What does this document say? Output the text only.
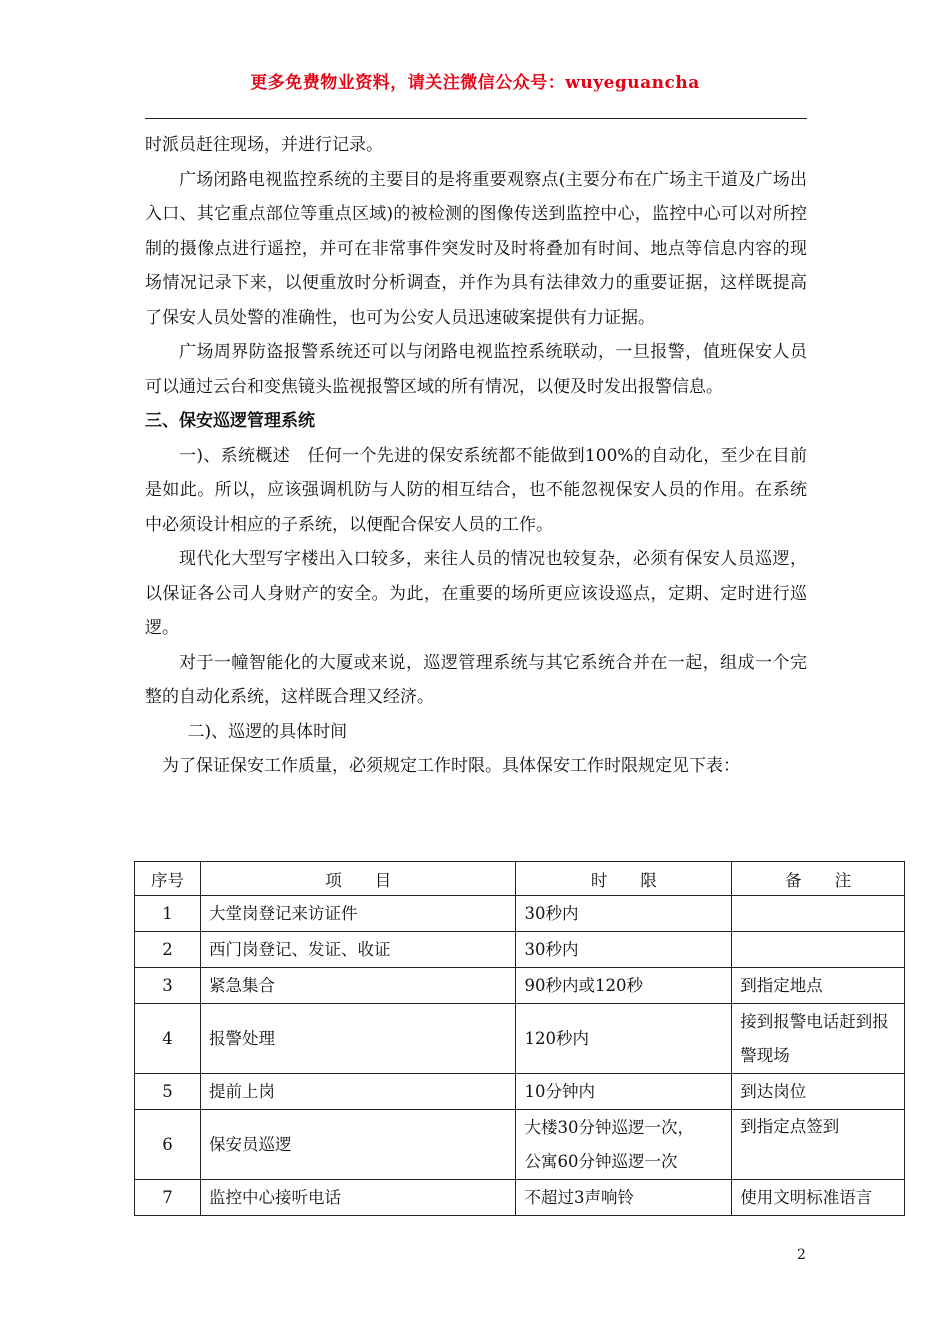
更多免费物业资料，请关注微信公众号：wuyeguancha

时派员赶往现场，并进行记录。

广场闭路电视监控系统的主要目的是将重要观察点(主要分布在广场主干道及广场出入口、其它重点部位等重点区域)的被检测的图像传送到监控中心，监控中心可以对所控制的摄像点进行遥控，并可在非常事件突发时及时将叠加有时间、地点等信息内容的现场情况记录下来，以便重放时分析调查，并作为具有法律效力的重要证据，这样既提高了保安人员处警的准确性，也可为公安人员迅速破案提供有力证据。

广场周界防盗报警系统还可以与闭路电视监控系统联动，一旦报警，值班保安人员可以通过云台和变焦镜头监视报警区域的所有情况，以便及时发出报警信息。

三、保安巡逻管理系统

一)、系统概述　任何一个先进的保安系统都不能做到100%的自动化，至少在目前是如此。所以，应该强调机防与人防的相互结合，也不能忽视保安人员的作用。在系统中必须设计相应的子系统，以便配合保安人员的工作。

现代化大型写字楼出入口较多，来往人员的情况也较复杂，必须有保安人员巡逻，以保证各公司人身财产的安全。为此，在重要的场所更应该设巡点，定期、定时进行巡逻。

对于一幢智能化的大厦或来说，巡逻管理系统与其它系统合并在一起，组成一个完整的自动化系统，这样既合理又经济。

二)、巡逻的具体时间

为了保证保安工作质量，必须规定工作时限。具体保安工作时限规定见下表：

序号	项　　目	时　　限	备　　注
1	大堂岗登记来访证件	30秒内	
2	西门岗登记、发证、收证	30秒内	
3	紧急集合	90秒内或120秒	到指定地点
4	报警处理	120秒内	接到报警电话赶到报警现场
5	提前上岗	10分钟内	到达岗位
6	保安员巡逻	大楼30分钟巡逻一次，
公寓60分钟巡逻一次	到指定点签到
7	监控中心接听电话	不超过3声响铃	使用文明标准语言
2
